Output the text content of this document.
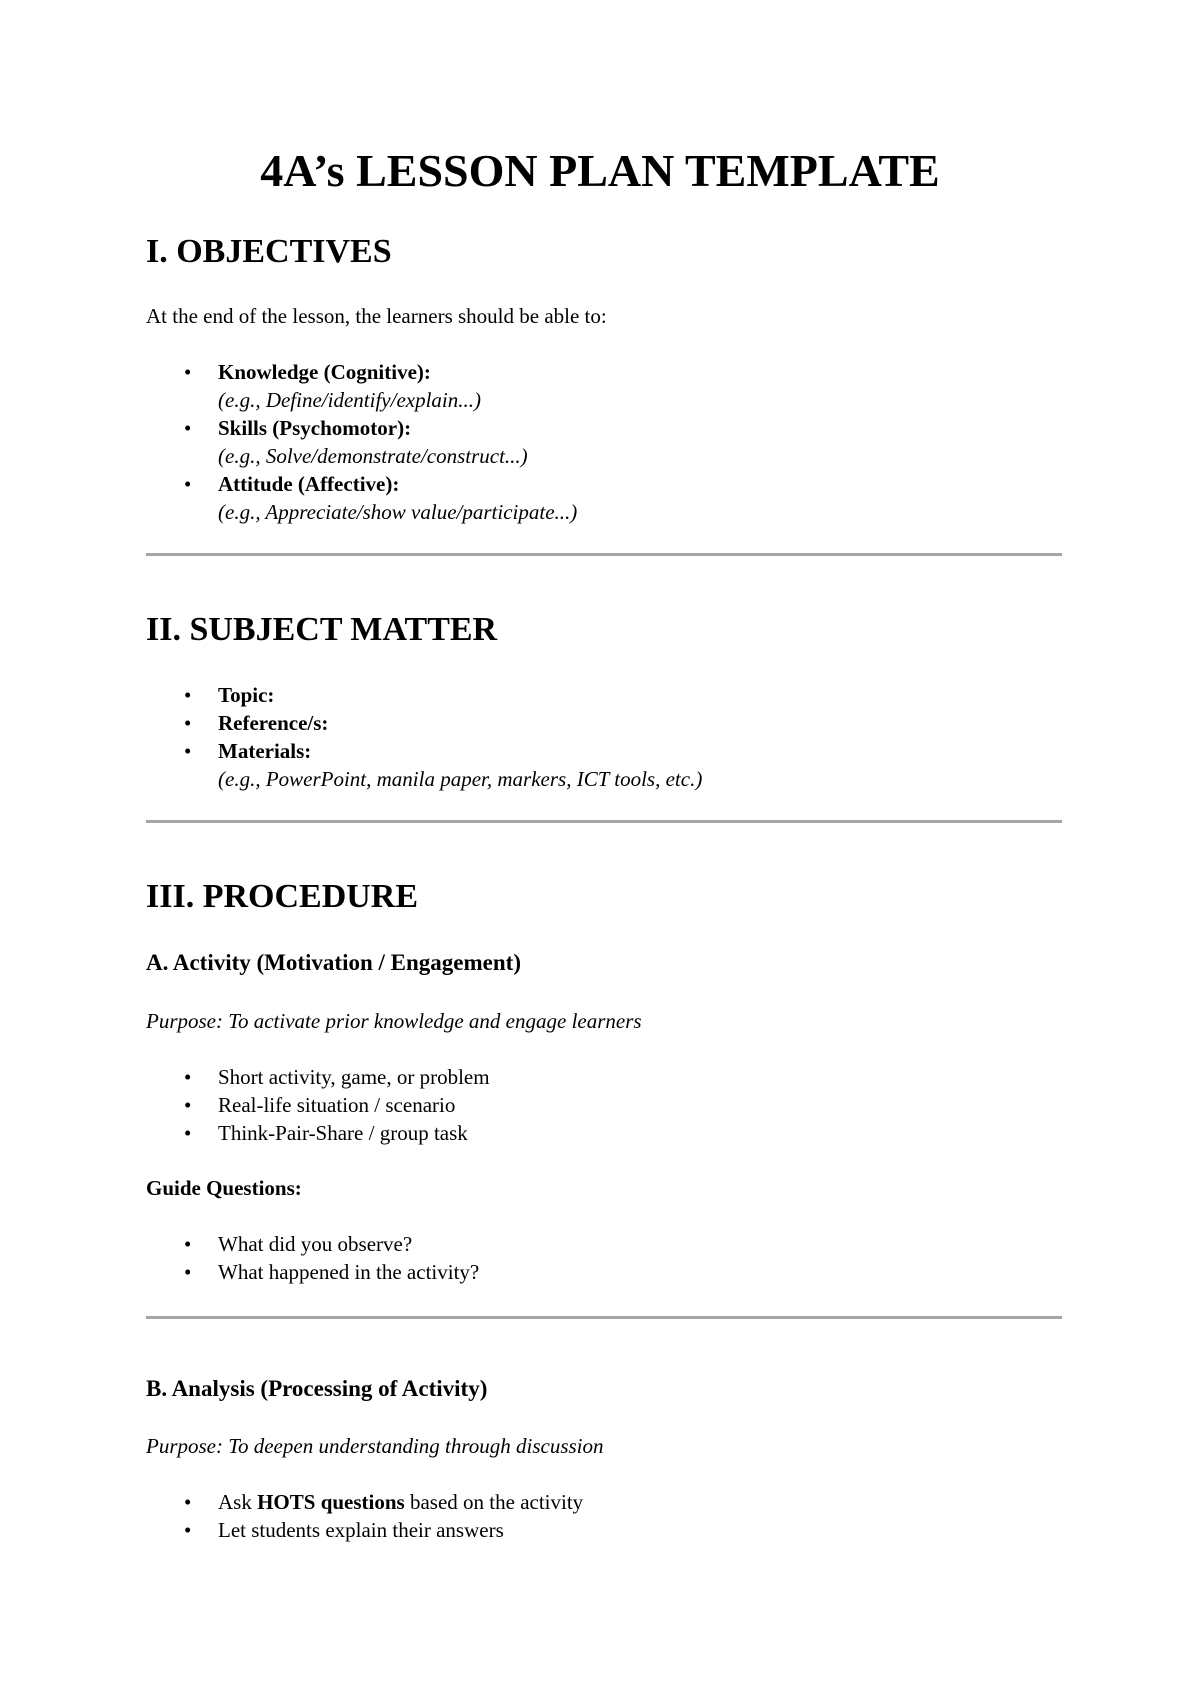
4A’s LESSON PLAN TEMPLATE
I. OBJECTIVES

At the end of the lesson, the learners should be able to:

• Knowledge (Cognitive):
(e.g., Define/identify/explain...)
• Skills (Psychomotor):
(e.g., Solve/demonstrate/construct...)
• Attitude (Affective):
(e.g., Appreciate/show value/participate...)
II. SUBJECT MATTER
• Topic:
• Reference/s:
• Materials:
(e.g., PowerPoint, manila paper, markers, ICT tools, etc.)
III. PROCEDURE
A. Activity (Motivation / Engagement)

Purpose: To activate prior knowledge and engage learners

• Short activity, game, or problem
• Real-life situation / scenario
• Think-Pair-Share / group task

Guide Questions:

• What did you observe?
• What happened in the activity?
B. Analysis (Processing of Activity)

Purpose: To deepen understanding through discussion

• Ask HOTS questions based on the activity
• Let students explain their answers
